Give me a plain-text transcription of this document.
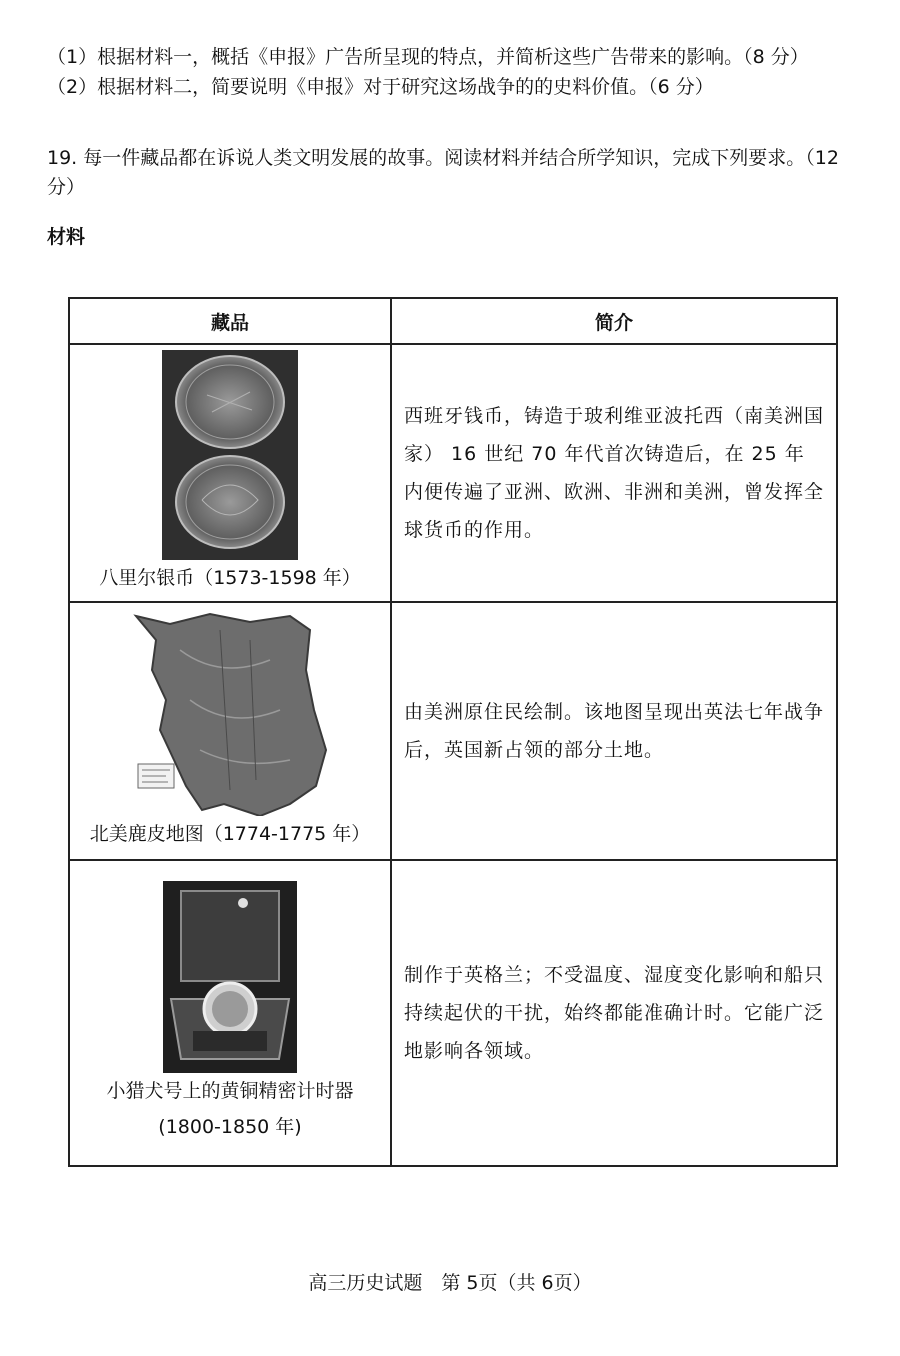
（1）根据材料一，概括《申报》广告所呈现的特点，并简析这些广告带来的影响。（8 分）
（2）根据材料二，简要说明《申报》对于研究这场战争的的史料价值。（6 分）
19. 每一件藏品都在诉说人类文明发展的故事。阅读材料并结合所学知识，完成下列要求。（12
分）
材料
藏品	简介

八里尔银币（1573-1598 年）	西班牙钱币，铸造于玻利维亚波托西（南美洲国家） 16 世纪 70 年代首次铸造后，在 25 年内便传遍了亚洲、欧洲、非洲和美洲，曾发挥全球货币的作用。

北美鹿皮地图（1774-1775 年）	由美洲原住民绘制。该地图呈现出英法七年战争后，英国新占领的部分土地。

小猎犬号上的黄铜精密计时器
(1800-1850 年)	制作于英格兰；不受温度、湿度变化影响和船只持续起伏的干扰，始终都能准确计时。它能广泛地影响各领域。
高三历史试题　第 5页（共 6页）
